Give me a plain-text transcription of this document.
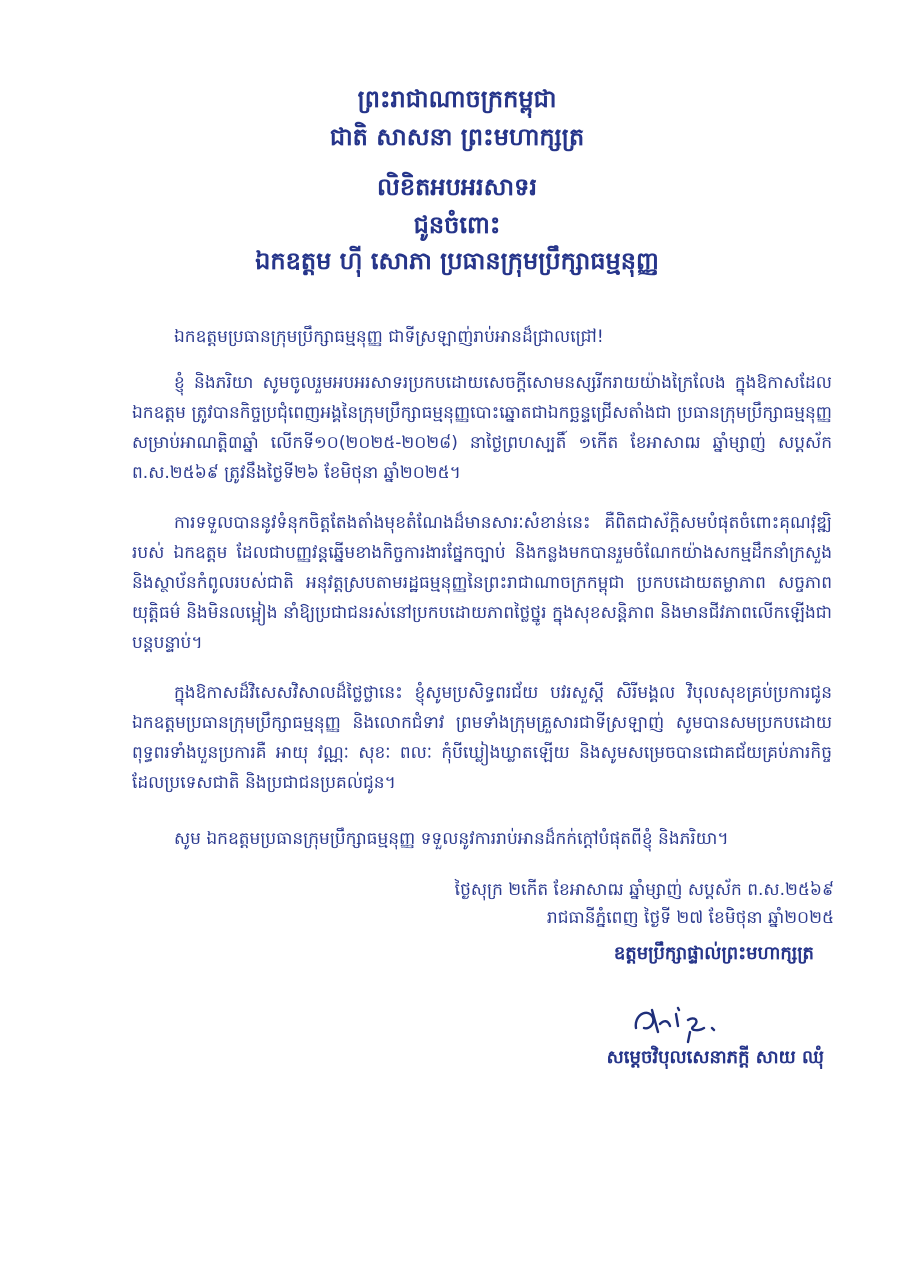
ព្រះរាជាណាចក្រកម្ពុជា
ជាតិ សាសនា ព្រះមហាក្សត្រ
លិខិតអបអរសាទរ
ជូនចំពោះ
ឯកឧត្តម ហ៊ី សោភា ប្រធានក្រុមប្រឹក្សាធម្មនុញ្ញ
ឯកឧត្តមប្រធានក្រុមប្រឹក្សាធម្មនុញ្ញ ជាទីស្រឡាញ់រាប់អានដ៏ជ្រាលជ្រៅ!
ខ្ញុំ និងភរិយា សូមចូលរួមអបអរសាទរប្រកបដោយសេចក្តីសោមនស្សរីករាយយ៉ាងក្រៃលែង ក្នុងឱកាសដែល ឯកឧត្តម ត្រូវបានកិច្ចប្រជុំពេញអង្គនៃក្រុមប្រឹក្សាធម្មនុញ្ញបោះឆ្នោតជាឯកច្ឆន្ទជ្រើសតាំងជា ប្រធានក្រុមប្រឹក្សាធម្មនុញ្ញ សម្រាប់អាណត្តិ៣ឆ្នាំ លើកទី១០(២០២៥-២០២៨) នាថ្ងៃព្រហស្បតិ៍ ១កើត ខែអាសាឍ ឆ្នាំម្សាញ់ សប្តស័ក ព.ស.២៥៦៩ ត្រូវនឹងថ្ងៃទី២៦ ខែមិថុនា ឆ្នាំ២០២៥។
ការទទួលបាននូវទំនុកចិត្តតែងតាំងមុខតំណែងដ៏មានសារៈសំខាន់នេះ គឺពិតជាស័ក្តិសមបំផុតចំពោះគុណវុឌ្ឍិរបស់ ឯកឧត្តម ដែលជាបញ្ញវន្តឆ្នើមខាងកិច្ចការងារផ្នែកច្បាប់ និងកន្លងមកបានរួមចំណែកយ៉ាងសកម្មដឹកនាំក្រសួង និងស្ថាប័នកំពូលរបស់ជាតិ អនុវត្តស្របតាមរដ្ឋធម្មនុញ្ញនៃព្រះរាជាណាចក្រកម្ពុជា ប្រកបដោយតម្លាភាព សច្ចភាព យុត្តិធម៌ និងមិនលម្អៀង នាំឱ្យប្រជាជនរស់នៅប្រកបដោយភាពថ្លៃថ្នូរ ក្នុងសុខសន្តិភាព និងមានជីវភាពលើកឡើងជាបន្តបន្ទាប់។
ក្នុងឱកាសដ៏វិសេសវិសាលដ៏ថ្លៃថ្លានេះ ខ្ញុំសូមប្រសិទ្ធពរជ័យ បវរសួស្តី សិរីមង្គល វិបុលសុខគ្រប់ប្រការជូន ឯកឧត្តមប្រធានក្រុមប្រឹក្សាធម្មនុញ្ញ និងលោកជំទាវ ព្រមទាំងក្រុមគ្រួសារជាទីស្រឡាញ់ សូមបានសមប្រកបដោយពុទ្ធពរទាំងបួនប្រការគឺ អាយុ វណ្ណៈ សុខៈ ពលៈ កុំបីឃ្លៀងឃ្លាតឡើយ និងសូមសម្រេចបានជោគជ័យគ្រប់ភារកិច្ចដែលប្រទេសជាតិ និងប្រជាជនប្រគល់ជូន។
សូម ឯកឧត្តមប្រធានក្រុមប្រឹក្សាធម្មនុញ្ញ ទទួលនូវការរាប់អានដ៏កក់ក្តៅបំផុតពីខ្ញុំ និងភរិយា។
ថ្ងៃសុក្រ ២កើត ខែអាសាឍ ឆ្នាំម្សាញ់ សប្តស័ក ព.ស.២៥៦៩
រាជធានីភ្នំពេញ ថ្ងៃទី ២៧ ខែមិថុនា ឆ្នាំ២០២៥
ឧត្តមប្រឹក្សាផ្ទាល់ព្រះមហាក្សត្រ
សម្តេចវិបុលសេនាភក្តី សាយ ឈុំ
